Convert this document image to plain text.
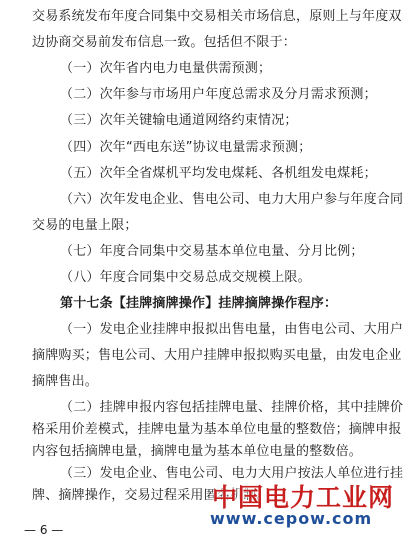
交易系统发布年度合同集中交易相关市场信息，原则上与年度双
边协商交易前发布信息一致。包括但不限于：
（一）次年省内电力电量供需预测；
（二）次年参与市场用户年度总需求及分月需求预测；
（三）次年关键输电通道网络约束情况；
（四）次年“西电东送”协议电量需求预测；
（五）次年全省煤机平均发电煤耗、各机组发电煤耗；
（六）次年发电企业、售电公司、电力大用户参与年度合同
交易的电量上限；
（七）年度合同集中交易基本单位电量、分月比例；
（八）年度合同集中交易总成交规模上限。
第十七条【挂牌摘牌操作】挂牌摘牌操作程序：
（一）发电企业挂牌申报拟出售电量，由售电公司、大用户
摘牌购买；售电公司、大用户挂牌申报拟购买电量，由发电企业
摘牌售出。
（二）挂牌申报内容包括挂牌电量、挂牌价格，其中挂牌价
格采用价差模式，挂牌电量为基本单位电量的整数倍；摘牌申报
内容包括摘牌电量，摘牌电量为基本单位电量的整数倍。
（三）发电企业、售电公司、电力大用户按法人单位进行挂
牌、摘牌操作，交易过程采用匿名机制。
中国电力工业网
www.cepow.com
— 6 —
